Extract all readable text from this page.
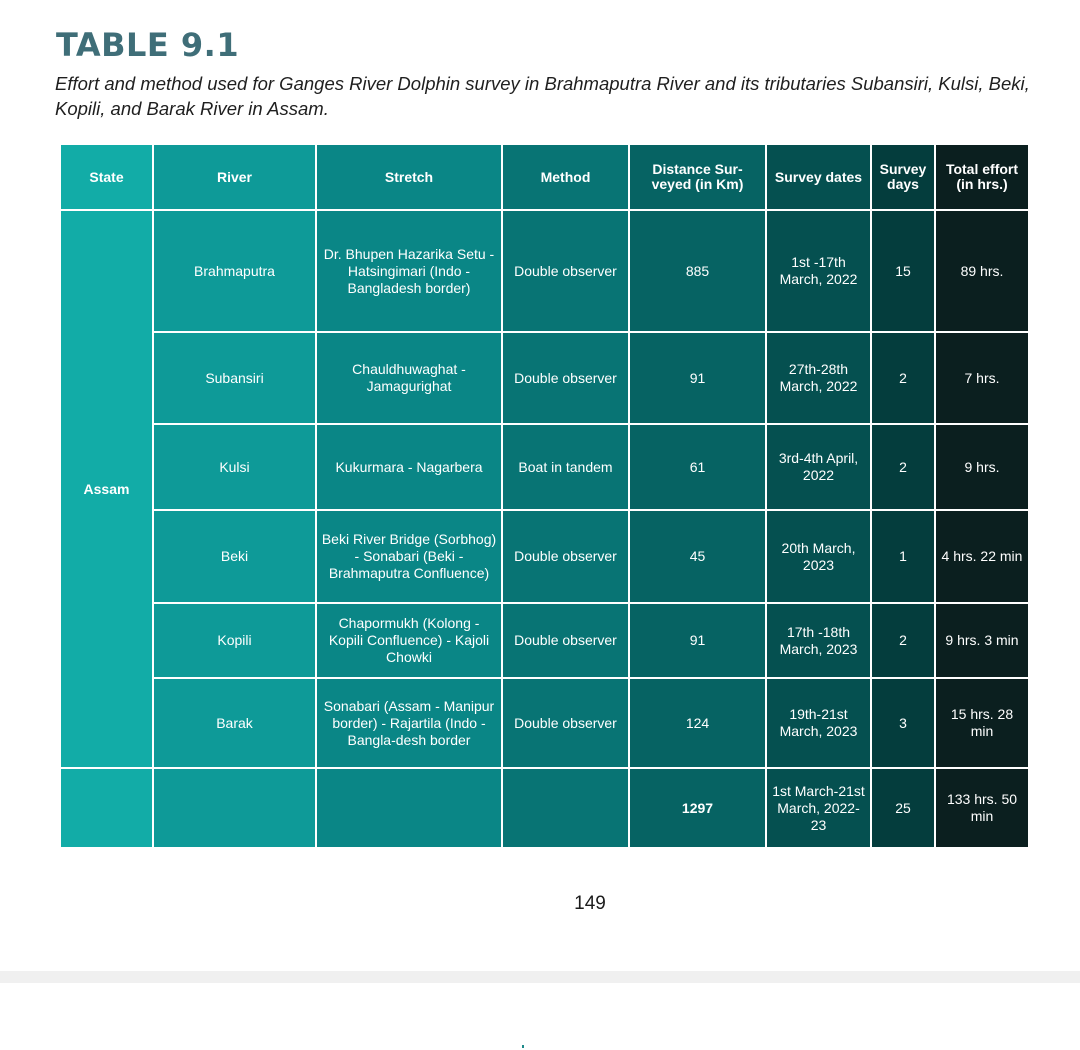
TABLE 9.1
Effort and method used for Ganges River Dolphin survey in Brahmaputra River and its tributaries Subansiri, Kulsi, Beki, Kopili, and Barak River in Assam.
State	River	Stretch	Method	Distance Sur-veyed (in Km)	Survey dates	Survey days	Total effort (in hrs.)
Assam	Brahmaputra	Dr. Bhupen Hazarika Setu - Hatsingimari (Indo - Bangladesh border)	Double observer	885	1st -17th March, 2022	15	89 hrs.
	Subansiri	Chauldhuwaghat - Jamagurighat	Double observer	91	27th-28th March, 2022	2	7 hrs.
	Kulsi	Kukurmara - Nagarbera	Boat in tandem	61	3rd-4th April, 2022	2	9 hrs.
	Beki	Beki River Bridge (Sorbhog) - Sonabari (Beki - Brahmaputra Confluence)	Double observer	45	20th March, 2023	1	4 hrs. 22 min
	Kopili	Chapormukh (Kolong - Kopili Confluence) - Kajoli Chowki	Double observer	91	17th -18th March, 2023	2	9 hrs. 3 min
	Barak	Sonabari (Assam - Manipur border) - Rajartila (Indo - Bangla-desh border	Double observer	124	19th-21st March, 2023	3	15 hrs. 28 min
				1297	1st March-21st March, 2022-23	25	133 hrs. 50 min
149
